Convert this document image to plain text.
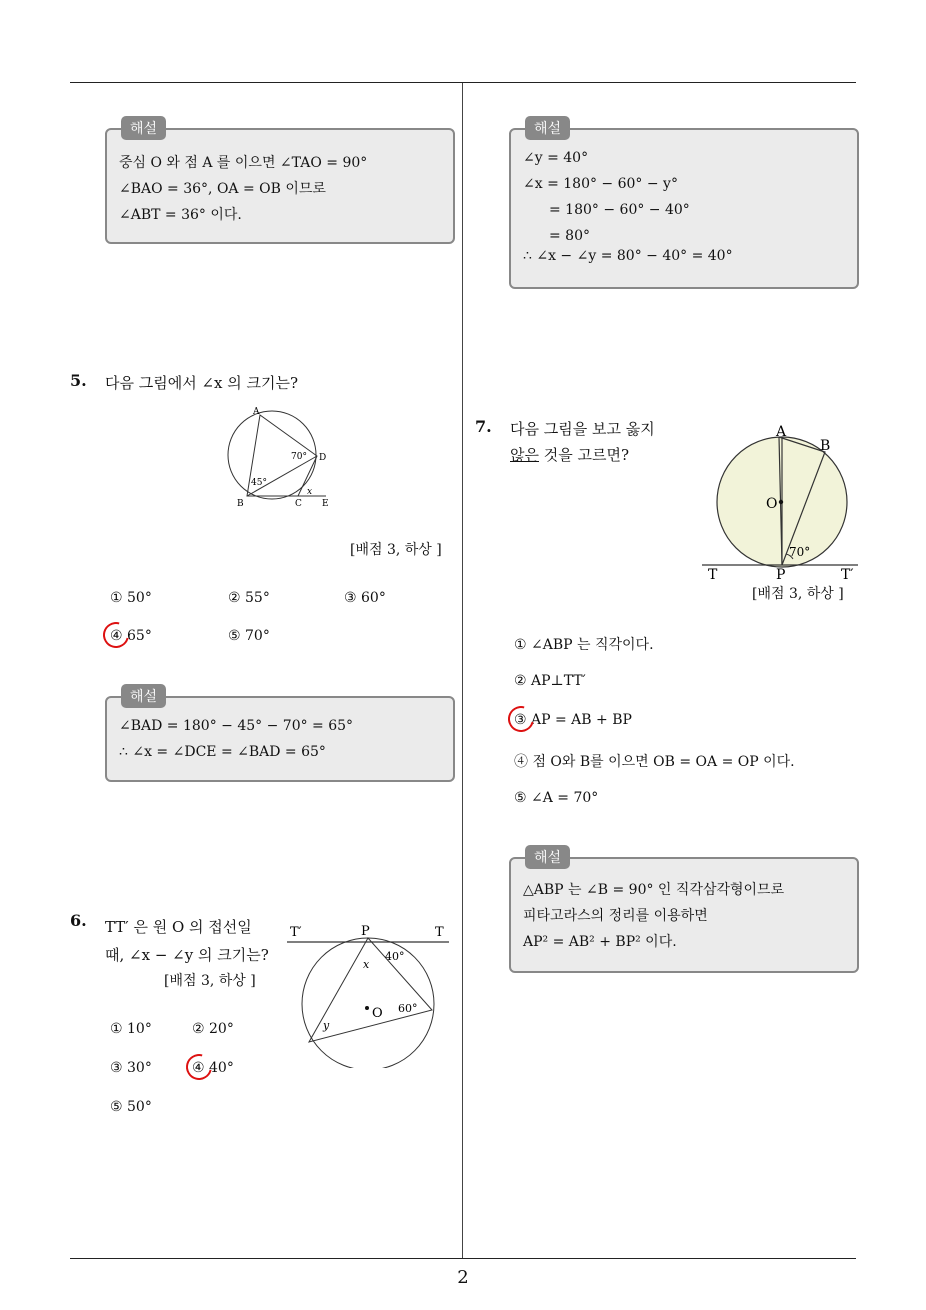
해설
중심 O 와 점 A 를 이으면 ∠TAO = 90°
∠BAO = 36°, OA = OB 이므로
∠ABT = 36° 이다.
해설
∠y = 40°
∠x = 180° − 60° − y°
= 180° − 60° − 40°
= 80°
∴ ∠x − ∠y = 80° − 40° = 40°
5. 다음 그림에서 ∠x 의 크기는?
A
B	C
D
E
70°
45°
x
[배점 3, 하상 ]
① 50°	② 55°	③ 60°
④ 65°	⑤ 70°
해설
∠BAD = 180° − 45° − 70° = 65°
∴ ∠x = ∠DCE = ∠BAD = 65°
6. TT′ 은 원 O 의 접선일
때, ∠x − ∠y 의 크기는?
[배점 3, 하상 ]
T′	P	T
40°
x
O 60°
y
① 10°	② 20°
③ 30°	④ 40°
⑤ 50°
7. 다음 그림을 보고 옳지
않은 것을 고르면?
A
B
O
70°
T	P	T′
[배점 3, 하상 ]
① ∠ABP 는 직각이다.
② AP⊥TT′
③ AP = AB + BP
④ 점 O와 B를 이으면 OB = OA = OP 이다.
⑤ ∠A = 70°
해설
△ABP 는 ∠B = 90° 인 직각삼각형이므로
피타고라스의 정리를 이용하면
AP² = AB² + BP² 이다.
2
